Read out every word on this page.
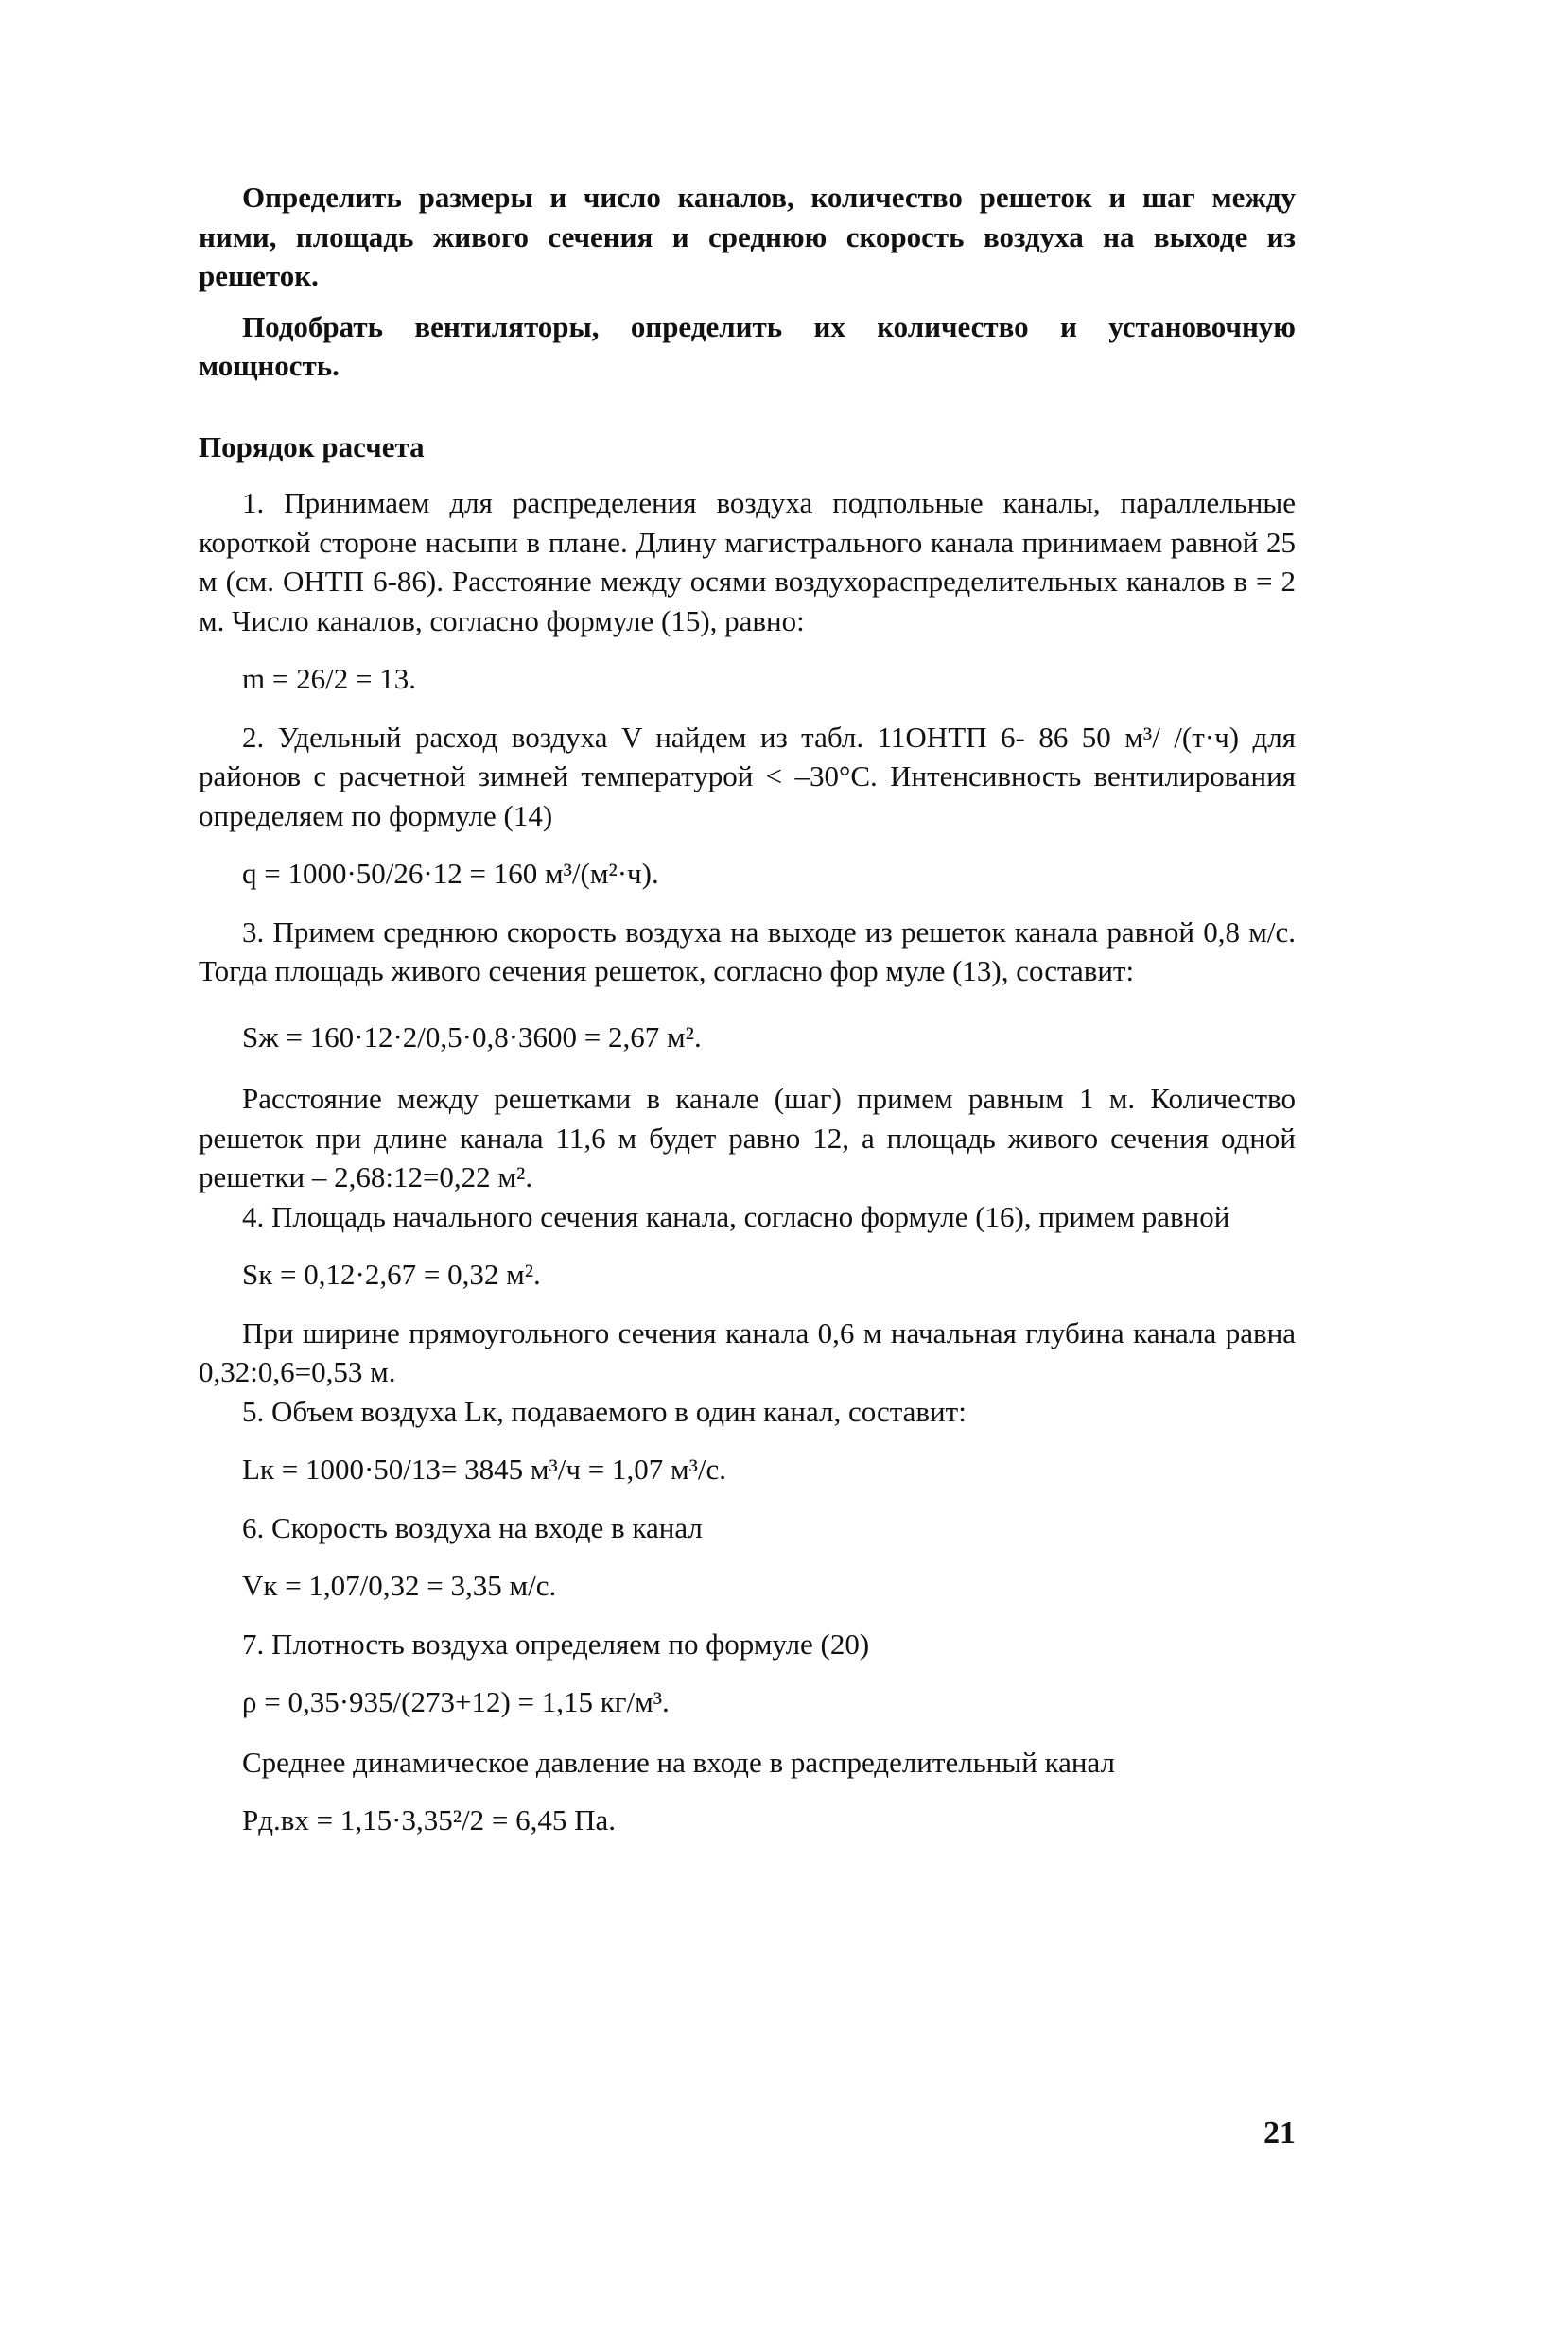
Определить размеры и число каналов, количество решеток и шаг между ними, площадь живого сечения и среднюю скорость воздуха на выходе из решеток.

Подобрать вентиляторы, определить их количество и установочную мощность.

Порядок расчета

1. Принимаем для распределения воздуха подпольные каналы, параллельные короткой стороне насыпи в плане. Длину магистрального канала принимаем равной 25 м (см. ОНТП 6-86). Расстояние между осями воздухораспределительных каналов в = 2 м. Число каналов, согласно формуле (15), равно:

m = 26/2 = 13.

2. Удельный расход воздуха V найдем из табл. 11ОНТП 6- 86 50 м³/ /(т·ч) для районов с расчетной зимней температурой < –30°С. Интенсивность вентилирования определяем по формуле (14)

q = 1000·50/26·12 = 160 м³/(м²·ч).

3. Примем среднюю скорость воздуха на выходе из решеток канала равной 0,8 м/с. Тогда площадь живого сечения решеток, согласно фор муле (13), составит:

Sж = 160·12·2/0,5·0,8·3600 = 2,67 м².

Расстояние между решетками в канале (шаг) примем равным 1 м. Количество решеток при длине канала 11,6 м будет равно 12, а площадь живого сечения одной решетки – 2,68:12=0,22 м².

4. Площадь начального сечения канала, согласно формуле (16), примем равной

Sк = 0,12·2,67 = 0,32 м².

При ширине прямоугольного сечения канала 0,6 м начальная глубина канала равна 0,32:0,6=0,53 м.

5. Объем воздуха Lк, подаваемого в один канал, составит:

Lк = 1000·50/13= 3845 м³/ч = 1,07 м³/с.

6. Скорость воздуха на входе в канал

Vк = 1,07/0,32 = 3,35 м/с.

7. Плотность воздуха определяем по формуле (20)

ρ = 0,35·935/(273+12) = 1,15 кг/м³.

Среднее динамическое давление на входе в распределительный канал

Pд.вх = 1,15·3,35²/2 = 6,45 Па.

21
